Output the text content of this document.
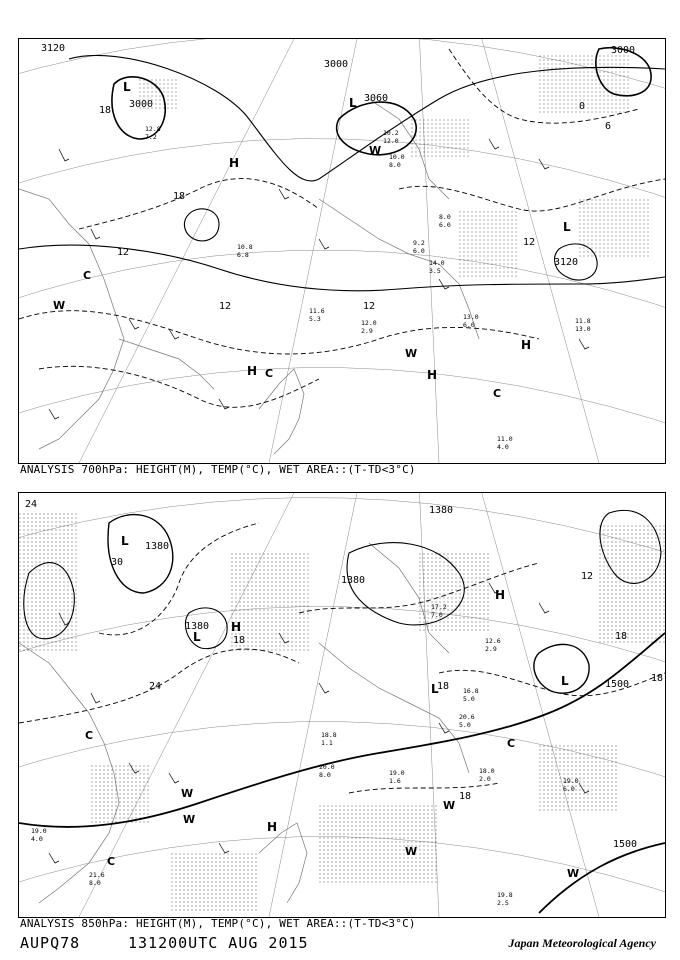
3120
3000
3000
3000
3060
3120
18
18
12
12
12
6
0
12
L
L
L
H
H
H
H
W
W
W
C
C
C
10.0
8.0
12.8
7.2
9.2
6.0
11.0
4.0
12.0
2.9
13.0
6.0	11.8
13.0
10.8
6.8
14.0
3.5
10.2
12.0
11.6
5.3
8.0
6.0
ANALYSIS 700hPa: HEIGHT(M), TEMP(°C), WET AREA::(T-TD<3°C)
1380
1380
1380
1380
1500
1500
24
30
24
18	18
12
18
18
18
L
L
L
L
H
H
H
W
W
W
W
W
C
C
C
19.0
1.6
18.0
2.0	19.0
6.0
19.8
2.5
19.0
4.0
21.6
8.0
17.2
7.0
16.8
5.0
20.6
5.0
18.8
1.1
12.6
2.9
20.0
8.0
ANALYSIS 850hPa: HEIGHT(M), TEMP(°C), WET AREA::(T-TD<3°C)
AUPQ78	131200UTC AUG 2015	Japan Meteorological Agency
